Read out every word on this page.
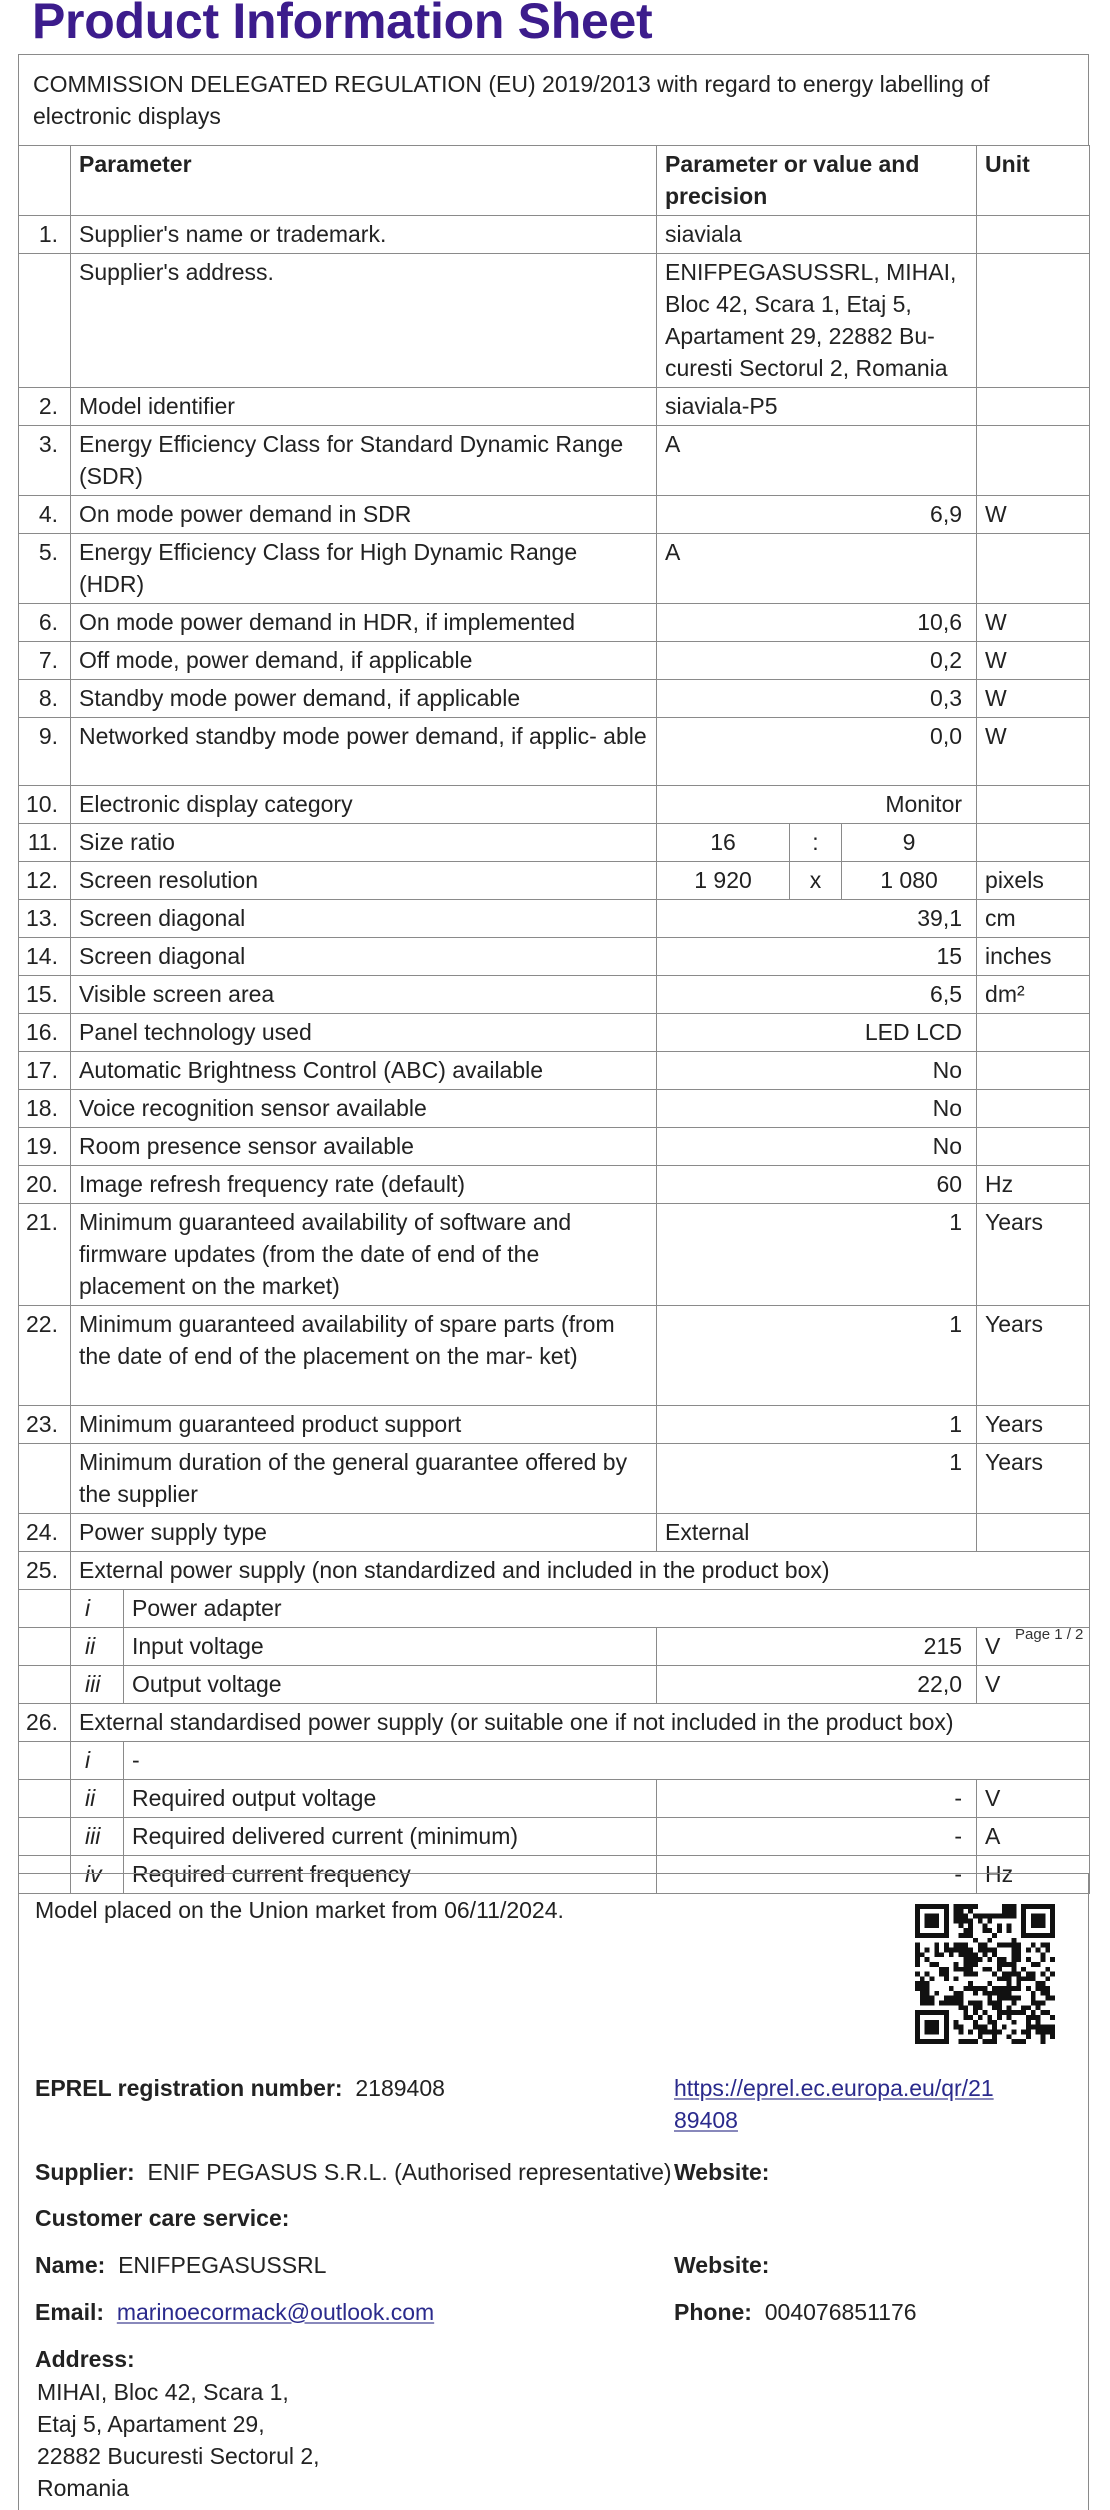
Product Information Sheet
COMMISSION DELEGATED REGULATION (EU) 2019/2013 with regard to energy labelling of electronic displays
	Parameter		Parameter or value and precision			Unit
1.	Supplier's name or trademark.		siaviala			
	Supplier's address.		ENIFPEGASUSSRL, MIHAI, Bloc 42, Scara 1, Etaj 5, Apartament 29, 22882 Bu- curesti Sectorul 2, Romania			
2.	Model identifier		siaviala-P5			
3.	Energy Efficiency Class for Standard Dynamic Range (SDR)		A			
4.	On mode power demand in SDR		6,9			W
5.	Energy Efficiency Class for High Dynamic Range (HDR)		A			
6.	On mode power demand in HDR, if implemented		10,6			W
7.	Off mode, power demand, if applicable		0,2			W
8.	Standby mode power demand, if applicable		0,3			W
9.	Networked standby mode power demand, if applic- able		0,0			W
10.	Electronic display category		Monitor			
11.	Size ratio		16	:	9	
12.	Screen resolution		1 920	x	1 080	pixels
13.	Screen diagonal		39,1			cm
14.	Screen diagonal		15			inches
15.	Visible screen area		6,5			dm²
16.	Panel technology used		LED LCD			
17.	Automatic Brightness Control (ABC) available		No			
18.	Voice recognition sensor available		No			
19.	Room presence sensor available		No			
20.	Image refresh frequency rate (default)		60			Hz
21.	Minimum guaranteed availability of software and firmware updates (from the date of end of the placement on the market)		1			Years
22.	Minimum guaranteed availability of spare parts (from the date of end of the placement on the mar- ket)		1			Years
23.	Minimum guaranteed product support		1			Years
	Minimum duration of the general guarantee offered by the supplier		1			Years
24.	Power supply type		External			
25.	External power supply (non standardized and included in the product box)					
	i	Power adapter				
	ii	Input voltage	215			V
	iii	Output voltage	22,0			V
26.	External standardised power supply (or suitable one if not included in the product box)					
	i	-				
	ii	Required output voltage	-			V
	iii	Required delivered current (minimum)	-			A
	iv	Required current frequency	-			Hz
Page 1 / 2
Model placed on the Union market from 06/11/2024.
EPREL registration number: 2189408	https://eprel.ec.europa.eu/qr/21
89408
Supplier: ENIF PEGASUS S.R.L. (Authorised representative) Website:
Customer care service:
Name: ENIFPEGASUSSRL	Website:
Email: marinoecormack@outlook.com	Phone: 004076851176
Address:
MIHAI, Bloc 42, Scara 1,
Etaj 5, Apartament 29,
22882 Bucuresti Sectorul 2,
Romania
